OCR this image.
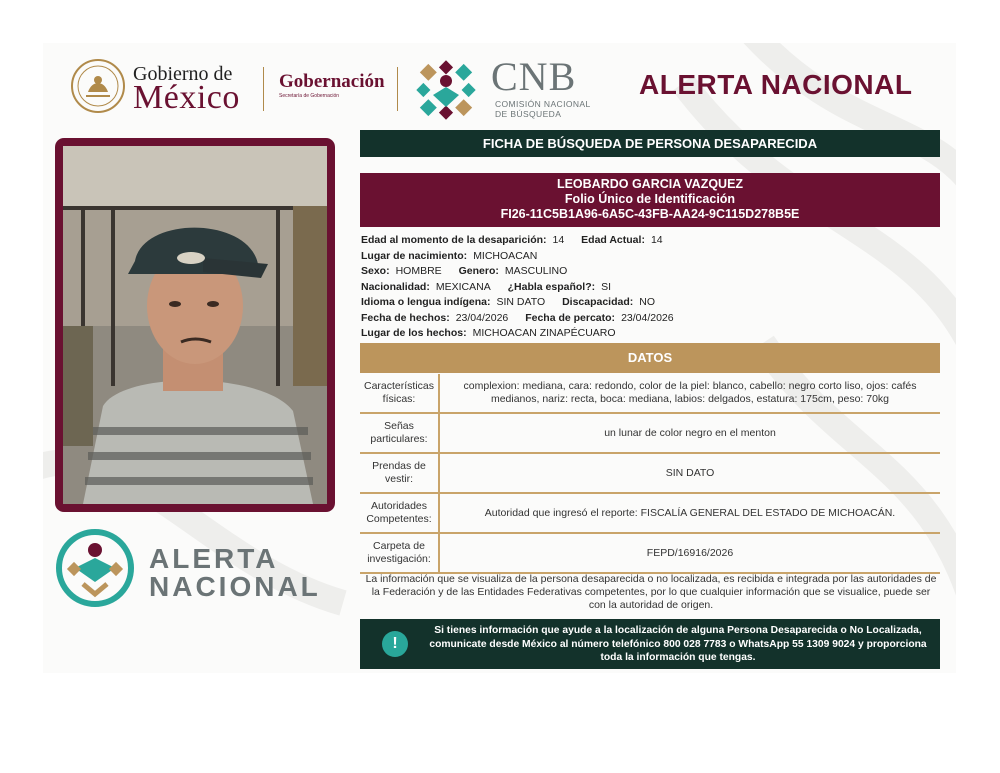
Gobierno de
México Gobernación
Secretaría de Gobernación	CNB
COMISIÓN NACIONAL
DE BÚSQUEDA
ALERTA NACIONAL
ALERTA
NACIONAL
FICHA DE BÚSQUEDA DE PERSONA DESAPARECIDA
LEOBARDO GARCIA VAZQUEZ
Folio Único de Identificación
FI26-11C5B1A96-6A5C-43FB-AA24-9C115D278B5E
Edad al momento de la desaparición: 14 Edad Actual: 14
Lugar de nacimiento: MICHOACAN
Sexo: HOMBRE Genero: MASCULINO
Nacionalidad: MEXICANA ¿Habla español?: SI
Idioma o lengua indígena: SIN DATO Discapacidad: NO
Fecha de hechos: 23/04/2026 Fecha de percato: 23/04/2026
Lugar de los hechos: MICHOACAN ZINAPÉCUARO
DATOS
Características físicas:
complexion: mediana, cara: redondo, color de la piel: blanco, cabello: negro corto liso, ojos: cafés medianos, nariz: recta, boca: mediana, labios: delgados, estatura: 175cm, peso: 70kg
Señas particulares:
un lunar de color negro en el menton
Prendas de vestir:
SIN DATO
Autoridades Competentes:
Autoridad que ingresó el reporte: FISCALÍA GENERAL DEL ESTADO DE MICHOACÁN.
Carpeta de investigación:
FEPD/16916/2026
La información que se visualiza de la persona desaparecida o no localizada, es recibida e integrada por las autoridades de la Federación y de las Entidades Federativas competentes, por lo que cualquier información que se visualice, puede ser con la autoridad de origen.
!
Si tienes información que ayude a la localización de alguna Persona Desaparecida o No Localizada, comunicate desde México al número telefónico 800 028 7783 o WhatsApp 55 1309 9024 y proporciona toda la información que tengas.
